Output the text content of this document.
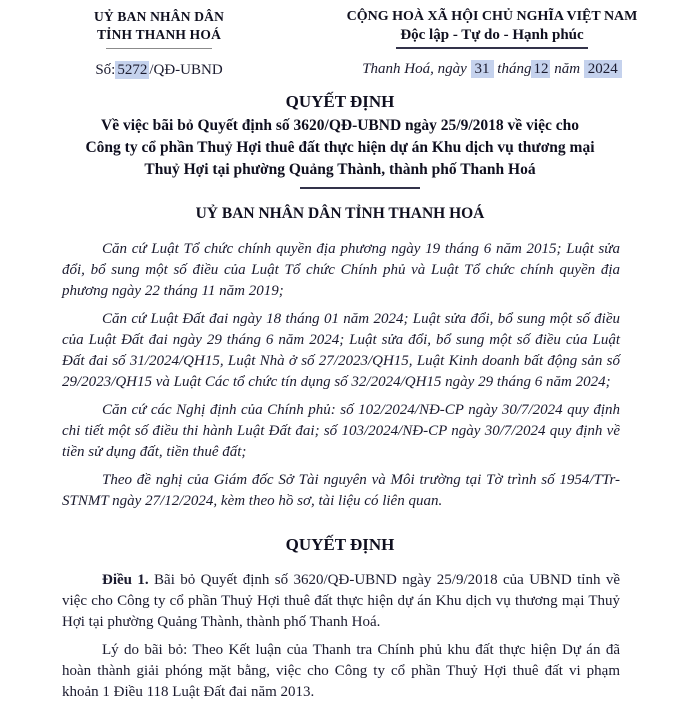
UỶ BAN NHÂN DÂN
TỈNH THANH HOÁ
Số: 5272 /QĐ-UBND
CỘNG HOÀ XÃ HỘI CHỦ NGHĨA VIỆT NAM
Độc lập - Tự do - Hạnh phúc
Thanh Hoá, ngày 31 tháng 12 năm 2024
QUYẾT ĐỊNH
Về việc bãi bỏ Quyết định số 3620/QĐ-UBND ngày 25/9/2018 về việc cho
Công ty cổ phần Thuỷ Hợi thuê đất thực hiện dự án Khu dịch vụ thương mại
Thuỷ Hợi tại phường Quảng Thành, thành phố Thanh Hoá
UỶ BAN NHÂN DÂN TỈNH THANH HOÁ

Căn cứ Luật Tổ chức chính quyền địa phương ngày 19 tháng 6 năm 2015; Luật sửa đổi, bổ sung một số điều của Luật Tổ chức Chính phủ và Luật Tổ chức chính quyền địa phương ngày 22 tháng 11 năm 2019;

Căn cứ Luật Đất đai ngày 18 tháng 01 năm 2024; Luật sửa đổi, bổ sung một số điều của Luật Đất đai ngày 29 tháng 6 năm 2024; Luật sửa đổi, bổ sung một số điều của Luật Đất đai số 31/2024/QH15, Luật Nhà ở số 27/2023/QH15, Luật Kinh doanh bất động sản số 29/2023/QH15 và Luật Các tổ chức tín dụng số 32/2024/QH15 ngày 29 tháng 6 năm 2024;

Căn cứ các Nghị định của Chính phủ: số 102/2024/NĐ-CP ngày 30/7/2024 quy định chi tiết một số điều thi hành Luật Đất đai; số 103/2024/NĐ-CP ngày 30/7/2024 quy định về tiền sử dụng đất, tiền thuê đất;

Theo đề nghị của Giám đốc Sở Tài nguyên và Môi trường tại Tờ trình số 1954/TTr-STNMT ngày 27/12/2024, kèm theo hồ sơ, tài liệu có liên quan.

QUYẾT ĐỊNH

Điều 1. Bãi bỏ Quyết định số 3620/QĐ-UBND ngày 25/9/2018 của UBND tỉnh về việc cho Công ty cổ phần Thuỷ Hợi thuê đất thực hiện dự án Khu dịch vụ thương mại Thuỷ Hợi tại phường Quảng Thành, thành phố Thanh Hoá.

Lý do bãi bỏ: Theo Kết luận của Thanh tra Chính phủ khu đất thực hiện Dự án đã hoàn thành giải phóng mặt bằng, việc cho Công ty cổ phần Thuỷ Hợi thuê đất vi phạm khoản 1 Điều 118 Luật Đất đai năm 2013.
